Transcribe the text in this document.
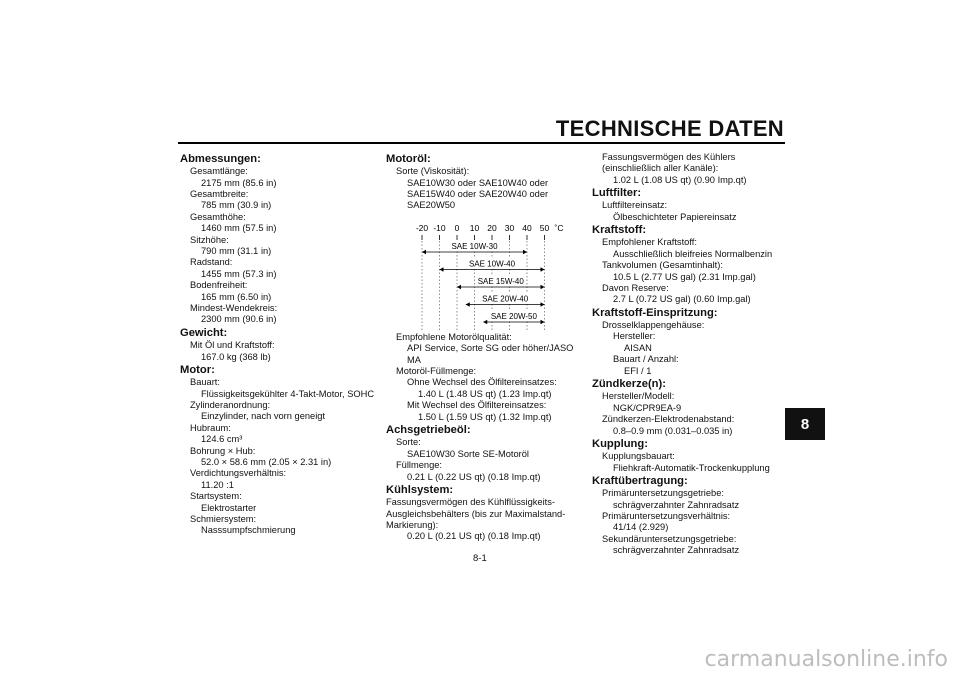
TECHNISCHE DATEN
8
Abmessungen:
Gesamtlänge:
2175 mm (85.6 in)
Gesamtbreite:
785 mm (30.9 in)
Gesamthöhe:
1460 mm (57.5 in)
Sitzhöhe:
790 mm (31.1 in)
Radstand:
1455 mm (57.3 in)
Bodenfreiheit:
165 mm (6.50 in)
Mindest-Wendekreis:
2300 mm (90.6 in)
Gewicht:
Mit Öl und Kraftstoff:
167.0 kg (368 lb)
Motor:
Bauart:
Flüssigkeitsgekühlter 4-Takt-Motor, SOHC
Zylinderanordnung:
Einzylinder, nach vorn geneigt
Hubraum:
124.6 cm³
Bohrung × Hub:
52.0 × 58.6 mm (2.05 × 2.31 in)
Verdichtungsverhältnis:
11.20 :1
Startsystem:
Elektrostarter
Schmiersystem:
Nasssumpfschmierung
Motoröl:
Sorte (Viskosität):
SAE10W30 oder SAE10W40 oder
SAE15W40 oder SAE20W40 oder
SAE20W50
-20 -10 0 10 20 30 40 50 ˚C
SAE 10W-30
SAE 10W-40
SAE 15W-40
SAE 20W-40
SAE 20W-50
Empfohlene Motorölqualität:
API Service, Sorte SG oder höher/JASO
MA
Motoröl-Füllmenge:
Ohne Wechsel des Ölfiltereinsatzes:
1.40 L (1.48 US qt) (1.23 Imp.qt)
Mit Wechsel des Ölfiltereinsatzes:
1.50 L (1.59 US qt) (1.32 Imp.qt)
Achsgetriebeöl:
Sorte:
SAE10W30 Sorte SE-Motoröl
Füllmenge:
0.21 L (0.22 US qt) (0.18 Imp.qt)
Kühlsystem:
Fassungsvermögen des Kühlflüssigkeits-
Ausgleichsbehälters (bis zur Maximalstand-
Markierung):
0.20 L (0.21 US qt) (0.18 Imp.qt)
Fassungsvermögen des Kühlers
(einschließlich aller Kanäle):
1.02 L (1.08 US qt) (0.90 Imp.qt)
Luftfilter:
Luftfiltereinsatz:
Ölbeschichteter Papiereinsatz
Kraftstoff:
Empfohlener Kraftstoff:
Ausschließlich bleifreies Normalbenzin
Tankvolumen (Gesamtinhalt):
10.5 L (2.77 US gal) (2.31 Imp.gal)
Davon Reserve:
2.7 L (0.72 US gal) (0.60 Imp.gal)
Kraftstoff-Einspritzung:
Drosselklappengehäuse:
Hersteller:
AISAN
Bauart / Anzahl:
EFI / 1
Zündkerze(n):
Hersteller/Modell:
NGK/CPR9EA-9
Zündkerzen-Elektrodenabstand:
0.8–0.9 mm (0.031–0.035 in)
Kupplung:
Kupplungsbauart:
Fliehkraft-Automatik-Trockenkupplung
Kraftübertragung:
Primäruntersetzungsgetriebe:
schrägverzahnter Zahnradsatz
Primäruntersetzungsverhältnis:
41/14 (2.929)
Sekundäruntersetzungsgetriebe:
schrägverzahnter Zahnradsatz
8-1
carmanualsonline.info
